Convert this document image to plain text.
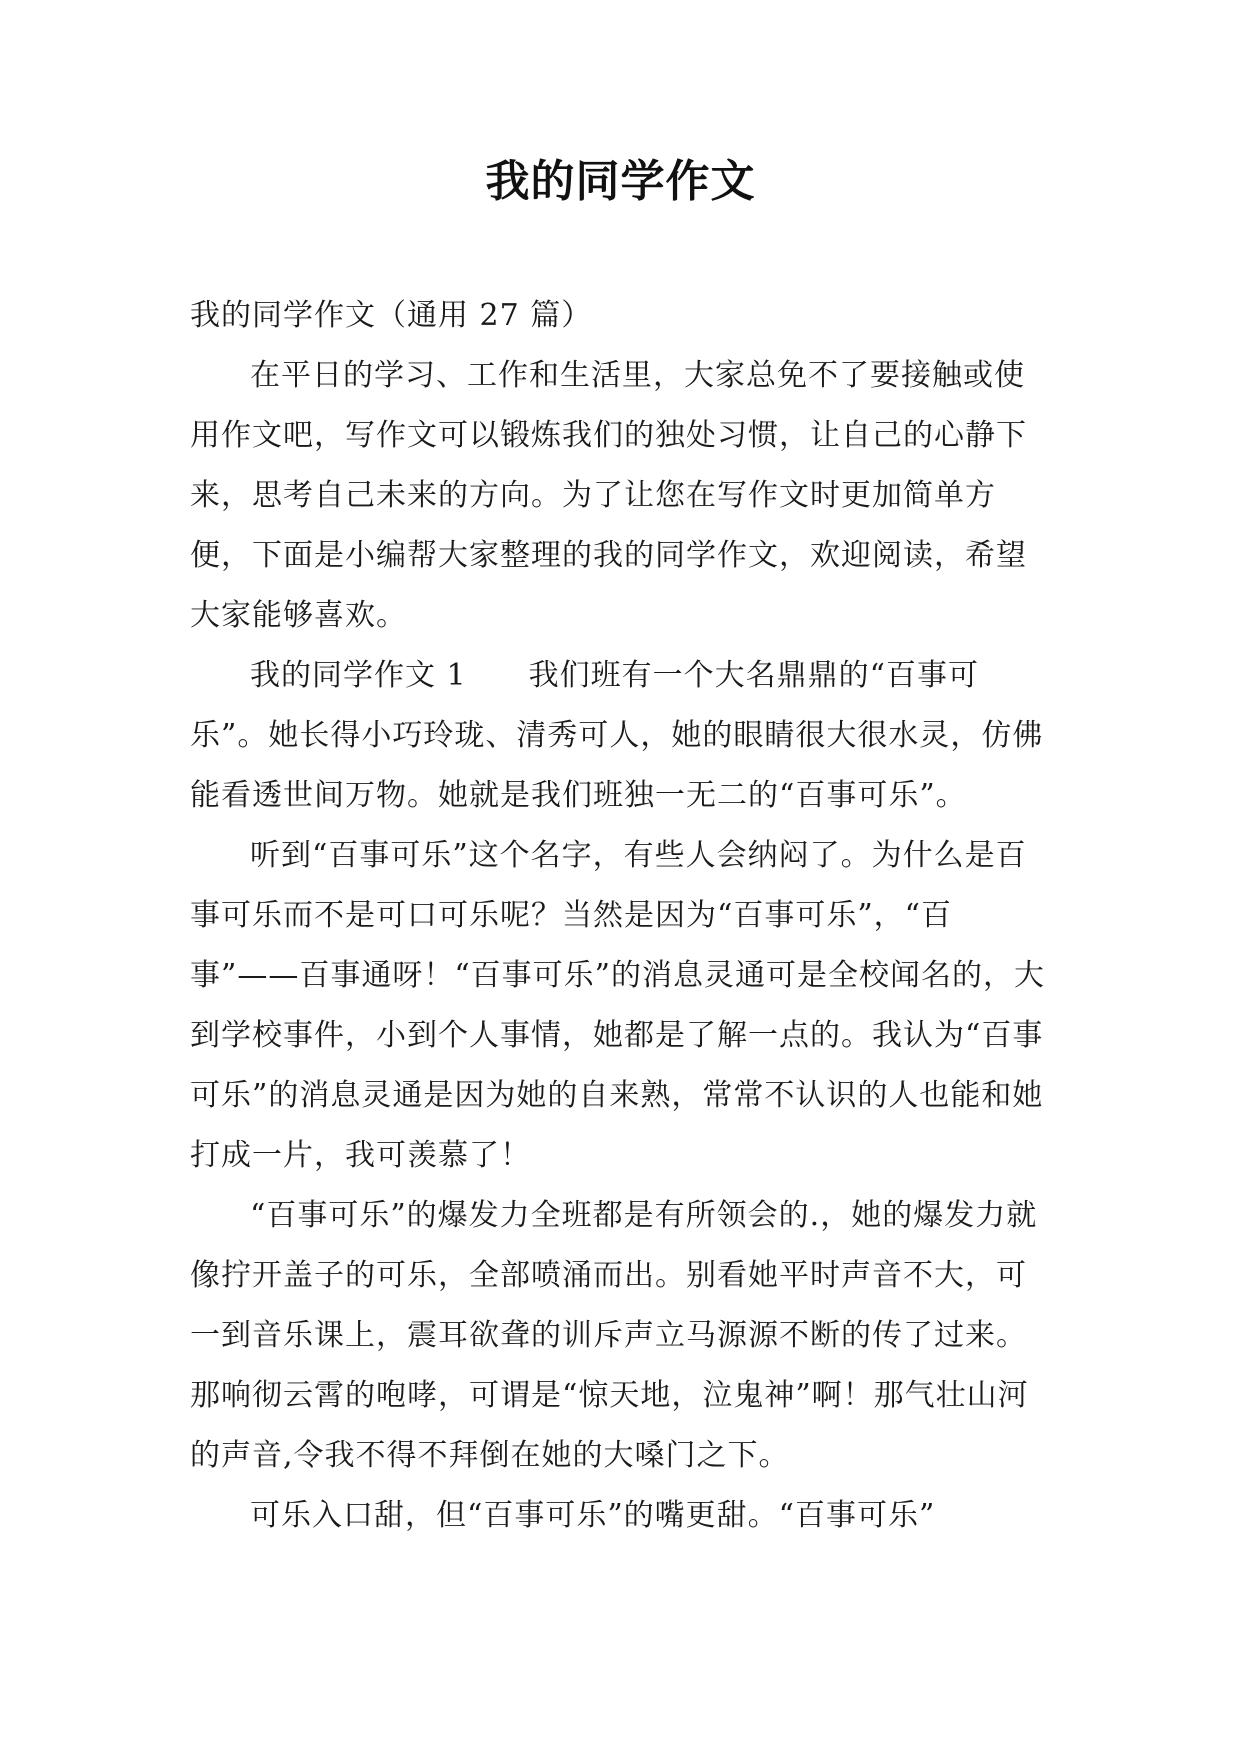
我的同学作文

我的同学作文（通用 27 篇）

在平日的学习、工作和生活里，大家总免不了要接触或使用作文吧，写作文可以锻炼我们的独处习惯，让自己的心静下来，思考自己未来的方向。为了让您在写作文时更加简单方便，下面是小编帮大家整理的我的同学作文，欢迎阅读，希望大家能够喜欢。

我的同学作文 1　　我们班有一个大名鼎鼎的“百事可乐”。她长得小巧玲珑、清秀可人，她的眼睛很大很水灵，仿佛能看透世间万物。她就是我们班独一无二的“百事可乐”。

听到“百事可乐”这个名字，有些人会纳闷了。为什么是百事可乐而不是可口可乐呢？当然是因为“百事可乐”，“百事”——百事通呀！“百事可乐”的消息灵通可是全校闻名的，大到学校事件，小到个人事情，她都是了解一点的。我认为“百事可乐”的消息灵通是因为她的自来熟，常常不认识的人也能和她打成一片，我可羡慕了！

“百事可乐”的爆发力全班都是有所领会的.，她的爆发力就像拧开盖子的可乐，全部喷涌而出。别看她平时声音不大，可一到音乐课上，震耳欲聋的训斥声立马源源不断的传了过来。那响彻云霄的咆哮，可谓是“惊天地，泣鬼神”啊！那气壮山河的声音,令我不得不拜倒在她的大嗓门之下。

可乐入口甜，但“百事可乐”的嘴更甜。“百事可乐”
